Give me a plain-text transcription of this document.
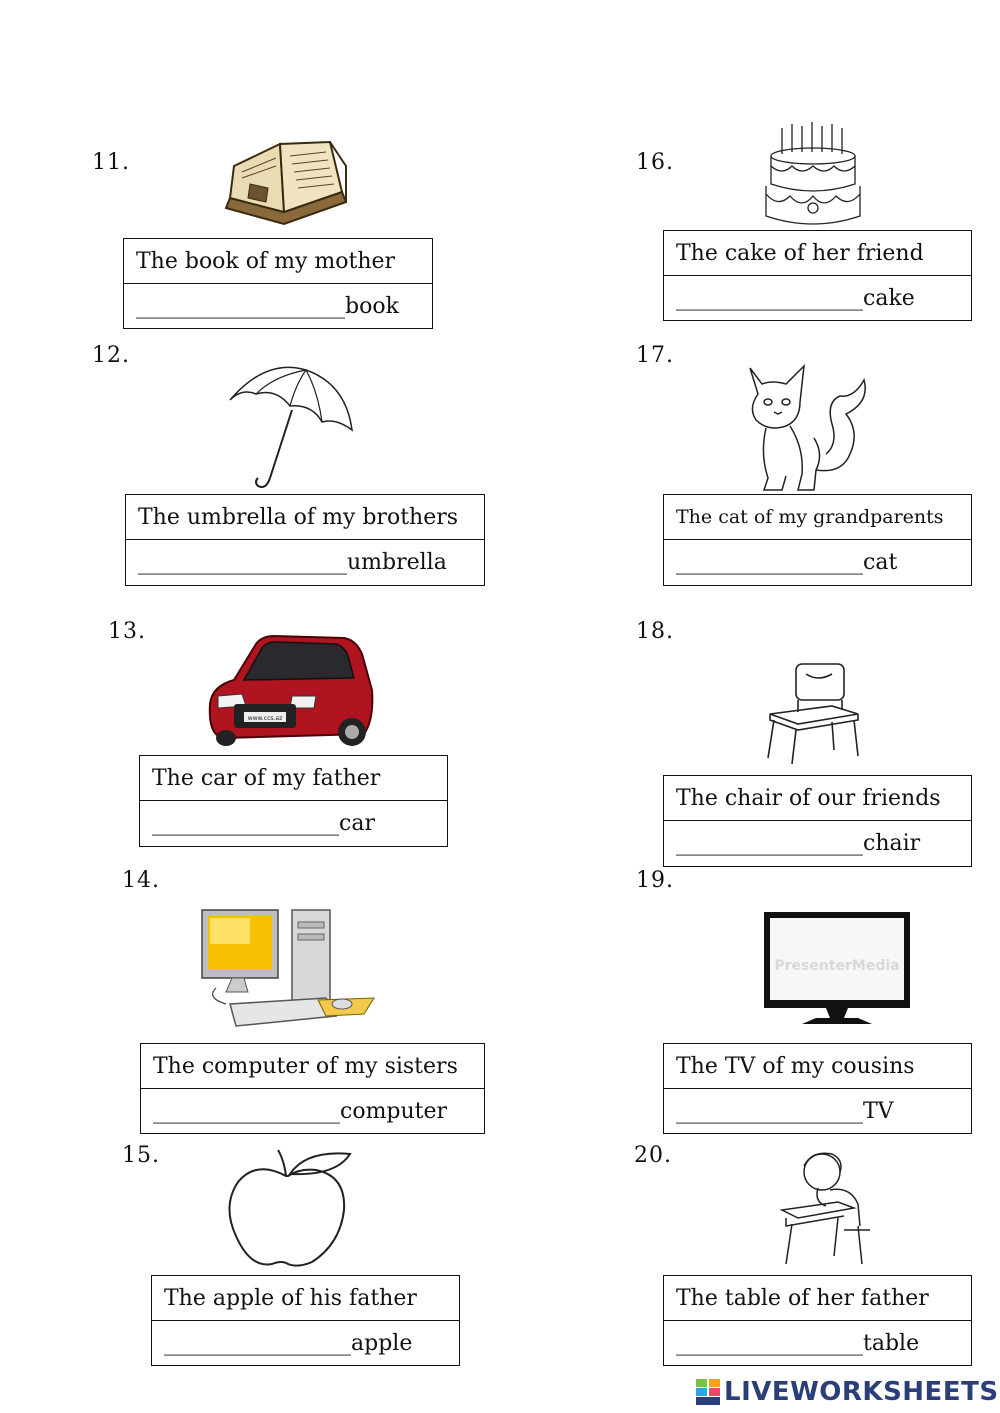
11.
The book of my mother
___________________book
12.
The umbrella of my brothers
___________________umbrella
13.
www.ccs.az
The car of my father
_________________car
14.
The computer of my sisters
_________________computer
15.
The apple of his father
_________________apple
16.
The cake of her friend
_________________cake
17.
The cat of my grandparents
_________________cat
18.
The chair of our friends
_________________chair
19.
PresenterMedia
The TV of my cousins
_________________TV
20.
The table of her father
_________________table
LIVEWORKSHEETS
